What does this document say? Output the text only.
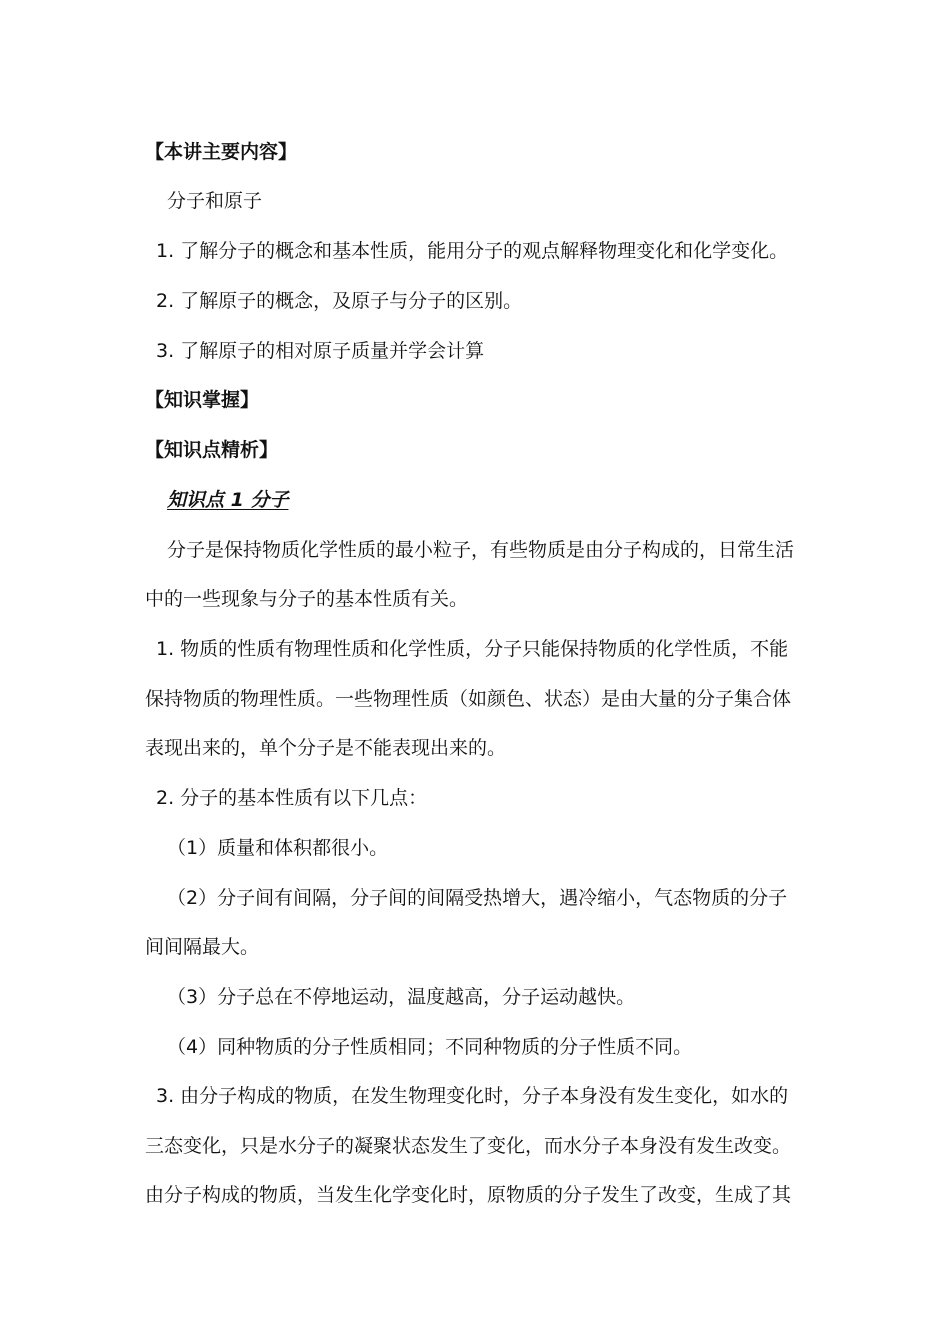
【本讲主要内容】
分子和原子
1. 了解分子的概念和基本性质，能用分子的观点解释物理变化和化学变化。
2. 了解原子的概念，及原子与分子的区别。
3. 了解原子的相对原子质量并学会计算
【知识掌握】
【知识点精析】
知识点 1 分子
分子是保持物质化学性质的最小粒子，有些物质是由分子构成的，日常生活
中的一些现象与分子的基本性质有关。
1. 物质的性质有物理性质和化学性质，分子只能保持物质的化学性质，不能
保持物质的物理性质。一些物理性质（如颜色、状态）是由大量的分子集合体
表现出来的，单个分子是不能表现出来的。
2. 分子的基本性质有以下几点：
（1）质量和体积都很小。
（2）分子间有间隔，分子间的间隔受热增大，遇冷缩小，气态物质的分子
间间隔最大。
（3）分子总在不停地运动，温度越高，分子运动越快。
（4）同种物质的分子性质相同；不同种物质的分子性质不同。
3. 由分子构成的物质，在发生物理变化时，分子本身没有发生变化，如水的
三态变化，只是水分子的凝聚状态发生了变化，而水分子本身没有发生改变。
由分子构成的物质，当发生化学变化时，原物质的分子发生了改变，生成了其
